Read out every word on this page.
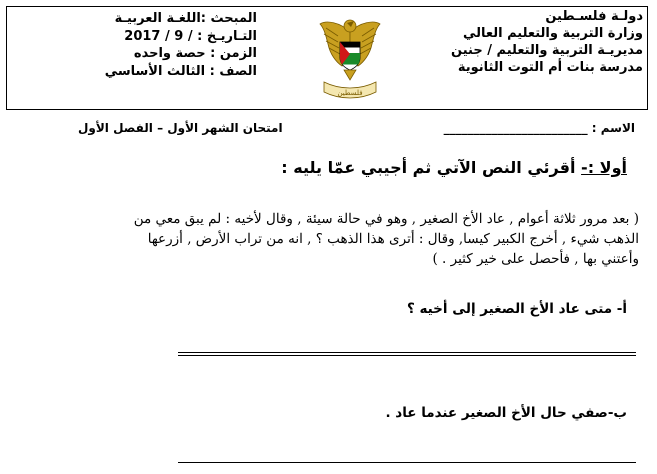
دولـة فلسـطين
وزارة التربية والتعليم العالي
مديريـة التربية والتعليم / جنين
مدرسة بنات أم التوت الثانوية
فلسطين
المبحث :اللغـة العربيـة
التـاريـخ : / 9 / 2017
الزمن : حصة واحده
الصف : الثالث الأساسي
الاسم : ________________________
امتحان الشهر الأول – الفصل الأول
أولا :- أقرئي النص الآتي ثم أجيبي عمّا يليه :
( بعد مرور ثلاثة أعوام , عاد الأخ الصغير , وهو في حالة سيئة , وقال لأخيه : لم يبق معي من
الذهب شيء , أخرج الكبير كيسا, وقال : أترى هذا الذهب ؟ , انه من تراب الأرض , أزرعها
وأعتني بها , فأحصل على خير كثير . )
أ- متى عاد الأخ الصغير إلى أخيه ؟
ب-صفي حال الأخ الصغير عندما عاد .
